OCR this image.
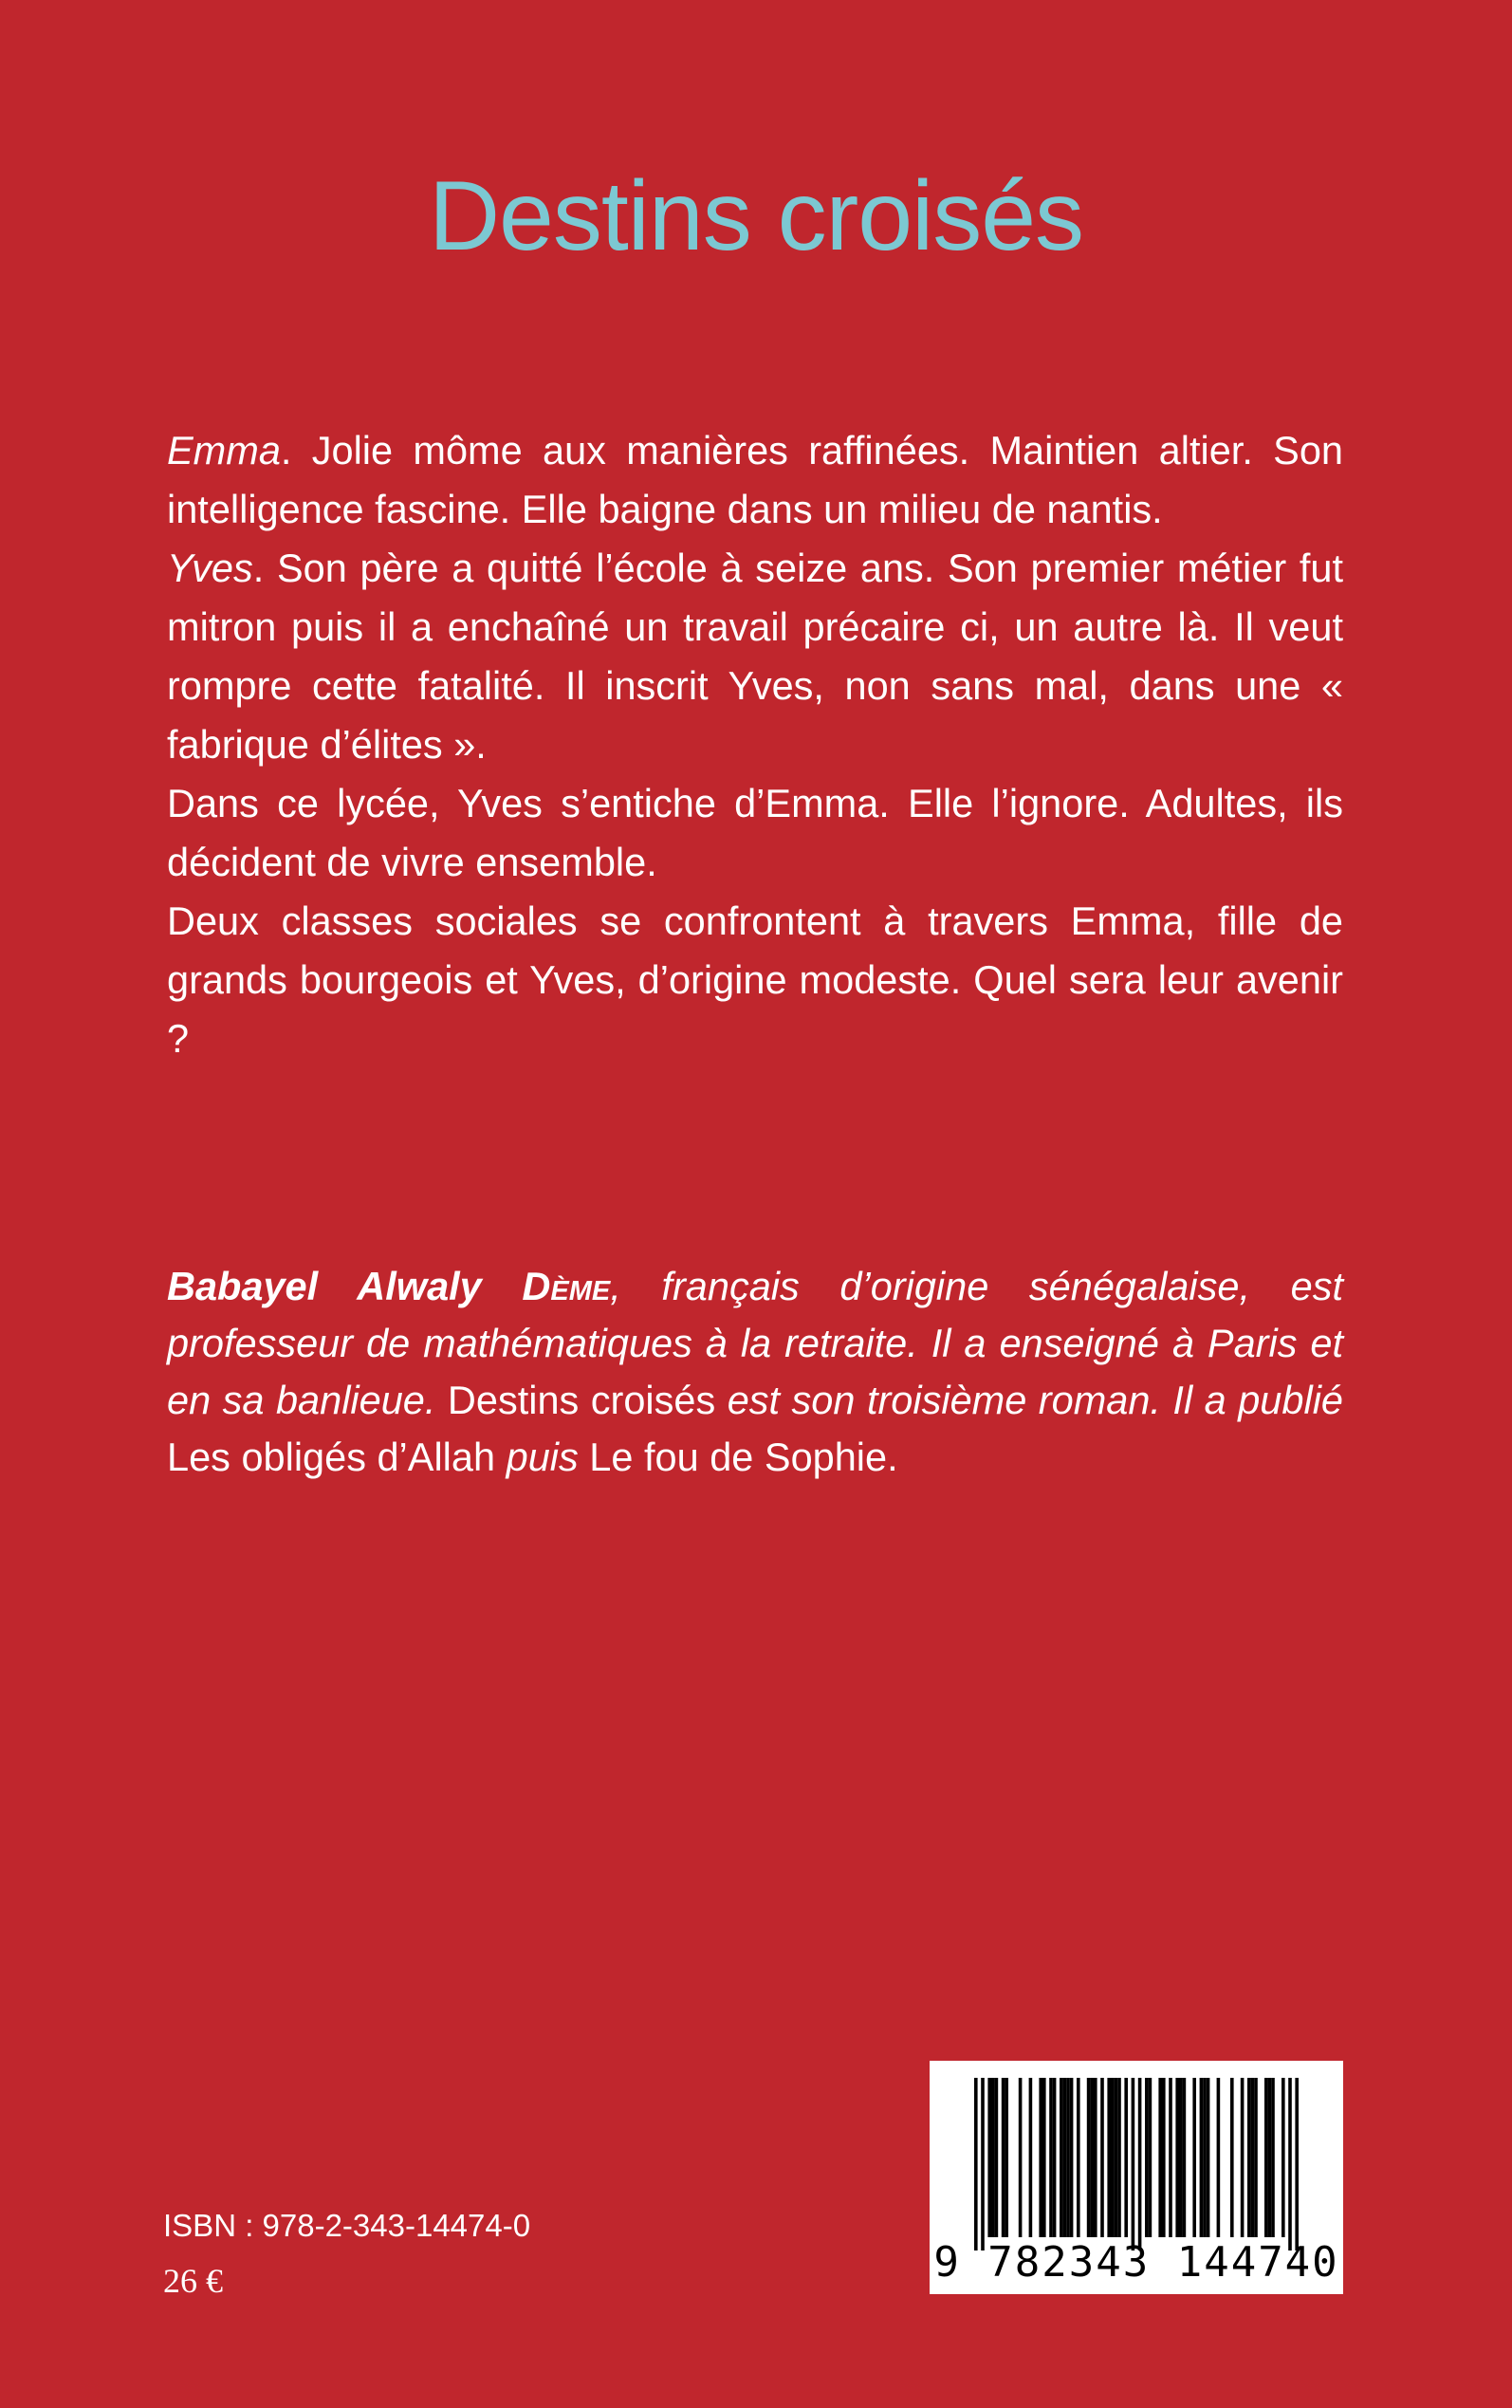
Destins croisés

Emma. Jolie môme aux manières raffinées. Maintien altier. Son intelligence fascine. Elle baigne dans un milieu de nantis.

Yves. Son père a quitté l’école à seize ans. Son premier métier fut mitron puis il a enchaîné un travail précaire ci, un autre là. Il veut rompre cette fatalité. Il inscrit Yves, non sans mal, dans une « fabrique d’élites ».

Dans ce lycée, Yves s’entiche d’Emma. Elle l’ignore. Adultes, ils décident de vivre ensemble.

Deux classes sociales se confrontent à travers Emma, fille de grands bourgeois et Yves, d’origine modeste. Quel sera leur avenir ?

Babayel Alwaly Dème, français d’origine sénégalaise, est professeur de mathématiques à la retraite. Il a enseigné à Paris et en sa banlieue. Destins croisés est son troisième roman. Il a publié Les obligés d’Allah puis Le fou de Sophie.

ISBN : 978-2-343-14474-0
26 €	9 782343 144740
